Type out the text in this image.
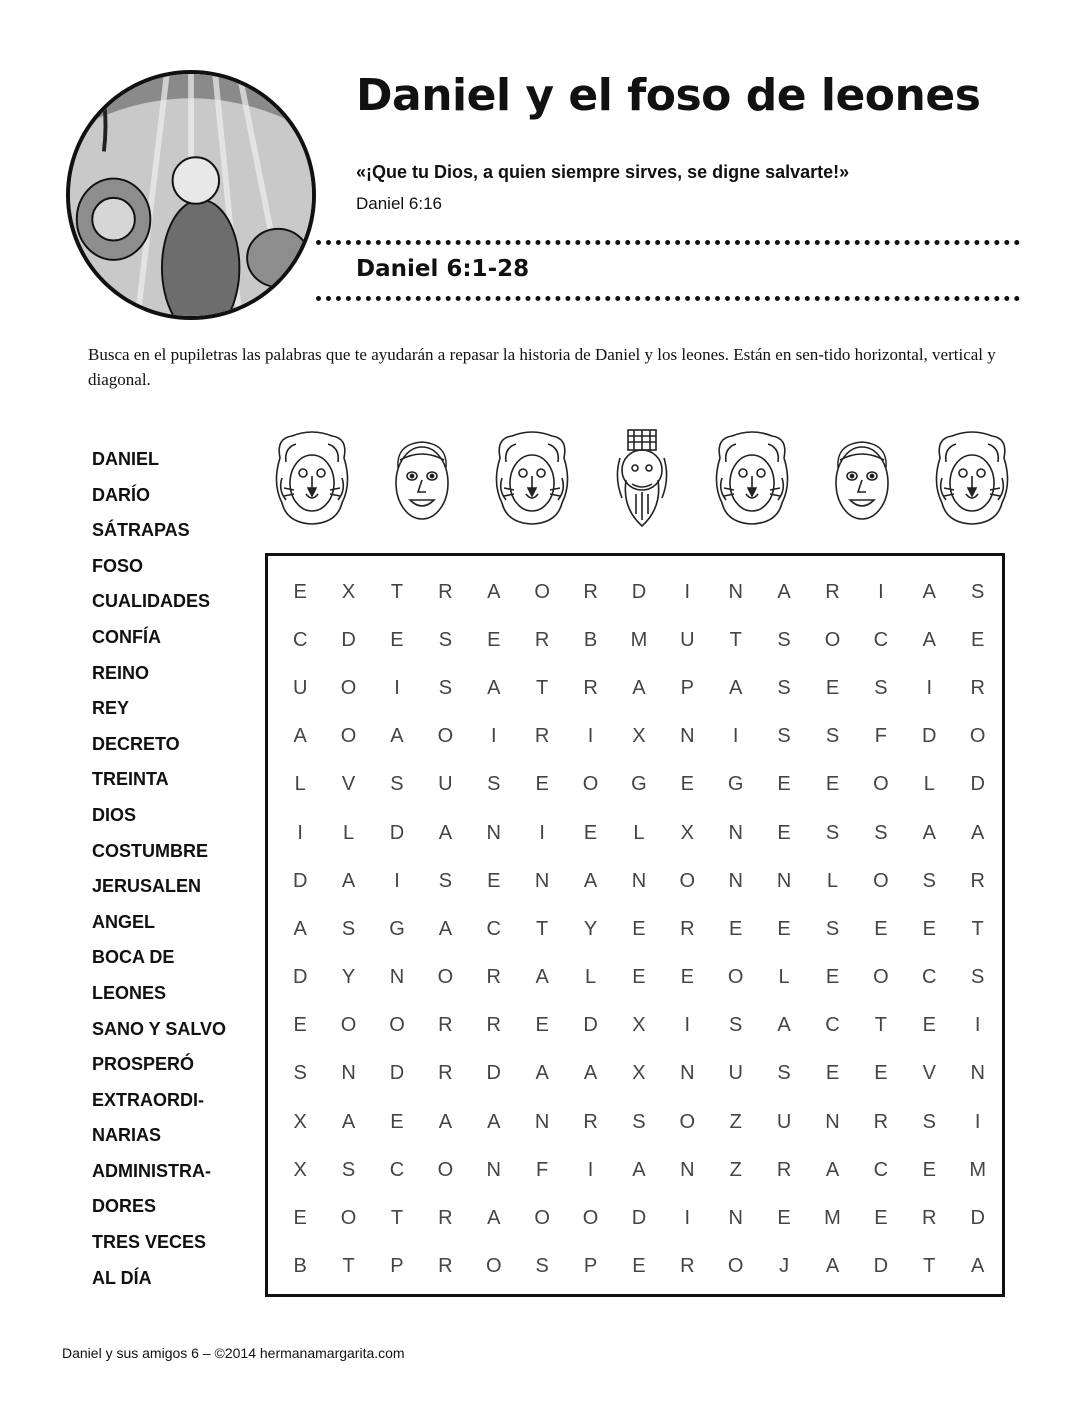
Daniel y el foso de leones
«¡Que tu Dios, a quien siempre sirves, se digne salvarte!»
Daniel 6:16
Daniel 6:1-28
Busca en el pupiletras las palabras que te ayudarán a repasar la historia de Daniel y los leones. Están en sen-tido horizontal, vertical y diagonal.
DANIEL
DARÍO
SÁTRAPAS
FOSO
CUALIDADES
CONFÍA
REINO
REY
DECRETO
TREINTA
DIOS
COSTUMBRE
JERUSALEN
ANGEL
BOCA DE
LEONES
SANO Y SALVO
PROSPERÓ
EXTRAORDI-
NARIAS
ADMINISTRA-
DORES
TRES VECES
AL DÍA
E	X	T	R	A	O	R	D	I	N	A	R	I	A	S
C	D	E	S	E	R	B	M	U	T	S	O	C	A	E
U	O	I	S	A	T	R	A	P	A	S	E	S	I	R
A	O	A	O	I	R	I	X	N	I	S	S	F	D	O
L	V	S	U	S	E	O	G	E	G	E	E	O	L	D
I	L	D	A	N	I	E	L	X	N	E	S	S	A	A
D	A	I	S	E	N	A	N	O	N	N	L	O	S	R
A	S	G	A	C	T	Y	E	R	E	E	S	E	E	T
D	Y	N	O	R	A	L	E	E	O	L	E	O	C	S
E	O	O	R	R	E	D	X	I	S	A	C	T	E	I
S	N	D	R	D	A	A	X	N	U	S	E	E	V	N
X	A	E	A	A	N	R	S	O	Z	U	N	R	S	I
X	S	C	O	N	F	I	A	N	Z	R	A	C	E	M
E	O	T	R	A	O	O	D	I	N	E	M	E	R	D
B	T	P	R	O	S	P	E	R	O	J	A	D	T	A
Daniel y sus amigos 6 – ©2014 hermanamargarita.com
